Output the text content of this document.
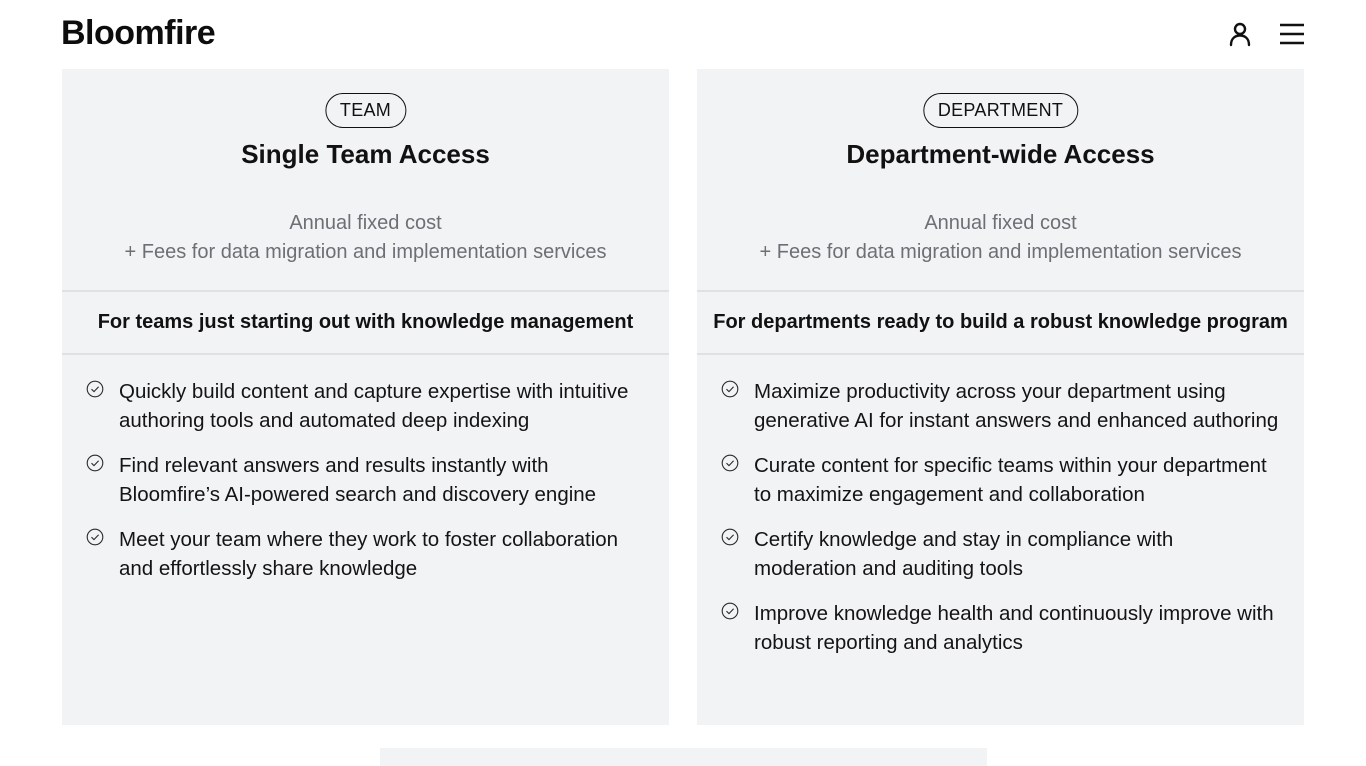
Bloomfire
TEAM
Single Team Access
Annual fixed cost
+ Fees for data migration and implementation services
For teams just starting out with knowledge management
Quickly build content and capture expertise with intuitive authoring tools and automated deep indexing
Find relevant answers and results instantly with Bloomfire’s AI-powered search and discovery engine
Meet your team where they work to foster collaboration and effortlessly share knowledge
DEPARTMENT
Department-wide Access
Annual fixed cost
+ Fees for data migration and implementation services
For departments ready to build a robust knowledge program
Maximize productivity across your department using generative AI for instant answers and enhanced authoring
Curate content for specific teams within your department to maximize engagement and collaboration
Certify knowledge and stay in compliance with moderation and auditing tools
Improve knowledge health and continuously improve with robust reporting and analytics
